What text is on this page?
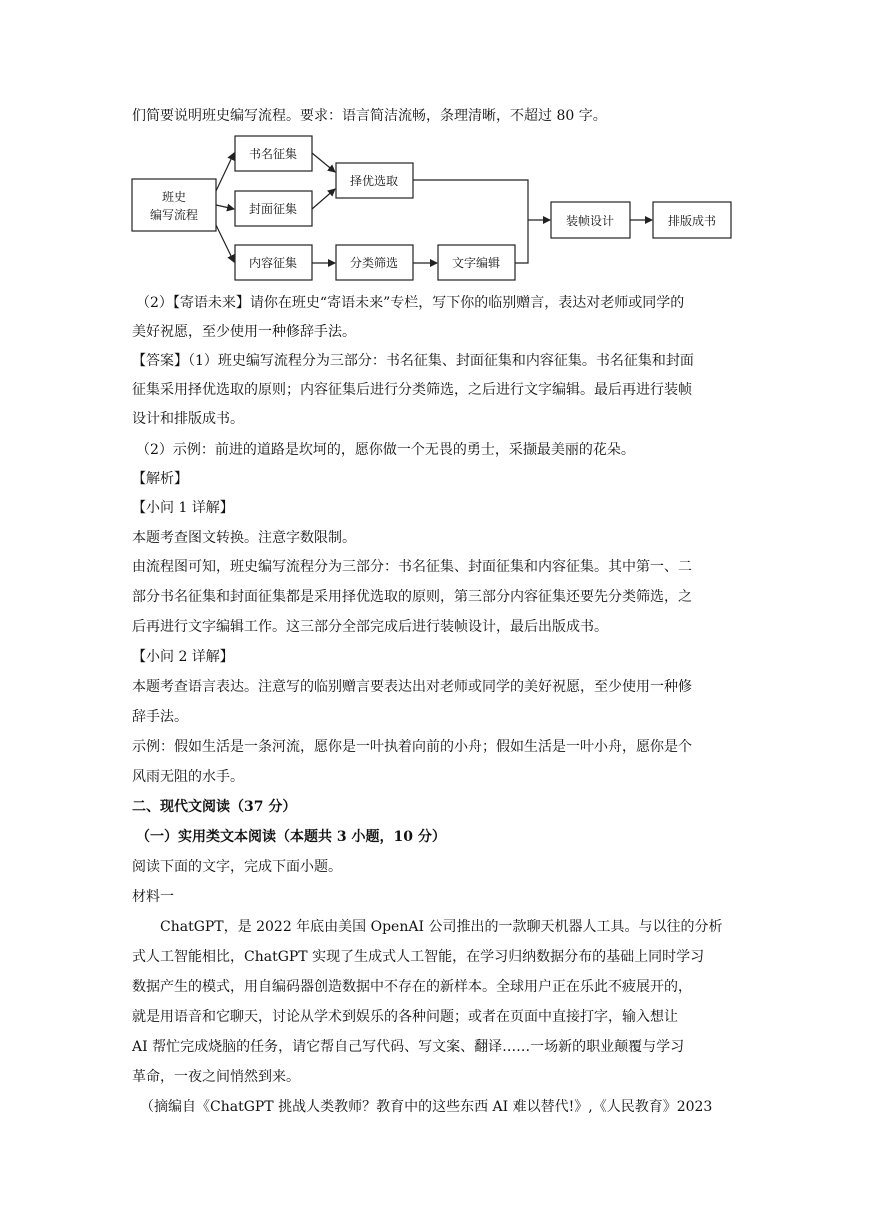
们简要说明班史编写流程。要求：语言简洁流畅，条理清晰，不超过 80 字。
班史
编写流程
书名征集
封面征集
内容征集
择优选取
分类筛选	文字编辑
装帧设计	排版成书
（2）【寄语未来】请你在班史“寄语未来”专栏，写下你的临别赠言，表达对老师或同学的
美好祝愿，至少使用一种修辞手法。
【答案】（1）班史编写流程分为三部分：书名征集、封面征集和内容征集。书名征集和封面
征集采用择优选取的原则；内容征集后进行分类筛选，之后进行文字编辑。最后再进行装帧
设计和排版成书。
（2）示例：前进的道路是坎坷的，愿你做一个无畏的勇士，采撷最美丽的花朵。
【解析】
【小问 1 详解】
本题考查图文转换。注意字数限制。
由流程图可知，班史编写流程分为三部分：书名征集、封面征集和内容征集。其中第一、二
部分书名征集和封面征集都是采用择优选取的原则，第三部分内容征集还要先分类筛选，之
后再进行文字编辑工作。这三部分全部完成后进行装帧设计，最后出版成书。
【小问 2 详解】
本题考查语言表达。注意写的临别赠言要表达出对老师或同学的美好祝愿，至少使用一种修
辞手法。
示例：假如生活是一条河流，愿你是一叶执着向前的小舟；假如生活是一叶小舟，愿你是个
风雨无阻的水手。
二、现代文阅读（37 分）
（一）实用类文本阅读（本题共 3 小题，10 分）
阅读下面的文字，完成下面小题。
材料一
ChatGPT，是 2022 年底由美国 OpenAI 公司推出的一款聊天机器人工具。与以往的分析
式人工智能相比，ChatGPT 实现了生成式人工智能，在学习归纳数据分布的基础上同时学习
数据产生的模式，用自编码器创造数据中不存在的新样本。全球用户正在乐此不疲展开的，
就是用语音和它聊天，讨论从学术到娱乐的各种问题；或者在页面中直接打字，输入想让
AI 帮忙完成烧脑的任务，请它帮自己写代码、写文案、翻译……一场新的职业颠覆与学习
革命，一夜之间悄然到来。
（摘编自《ChatGPT 挑战人类教师？教育中的这些东西 AI 难以替代!》,《人民教育》2023
